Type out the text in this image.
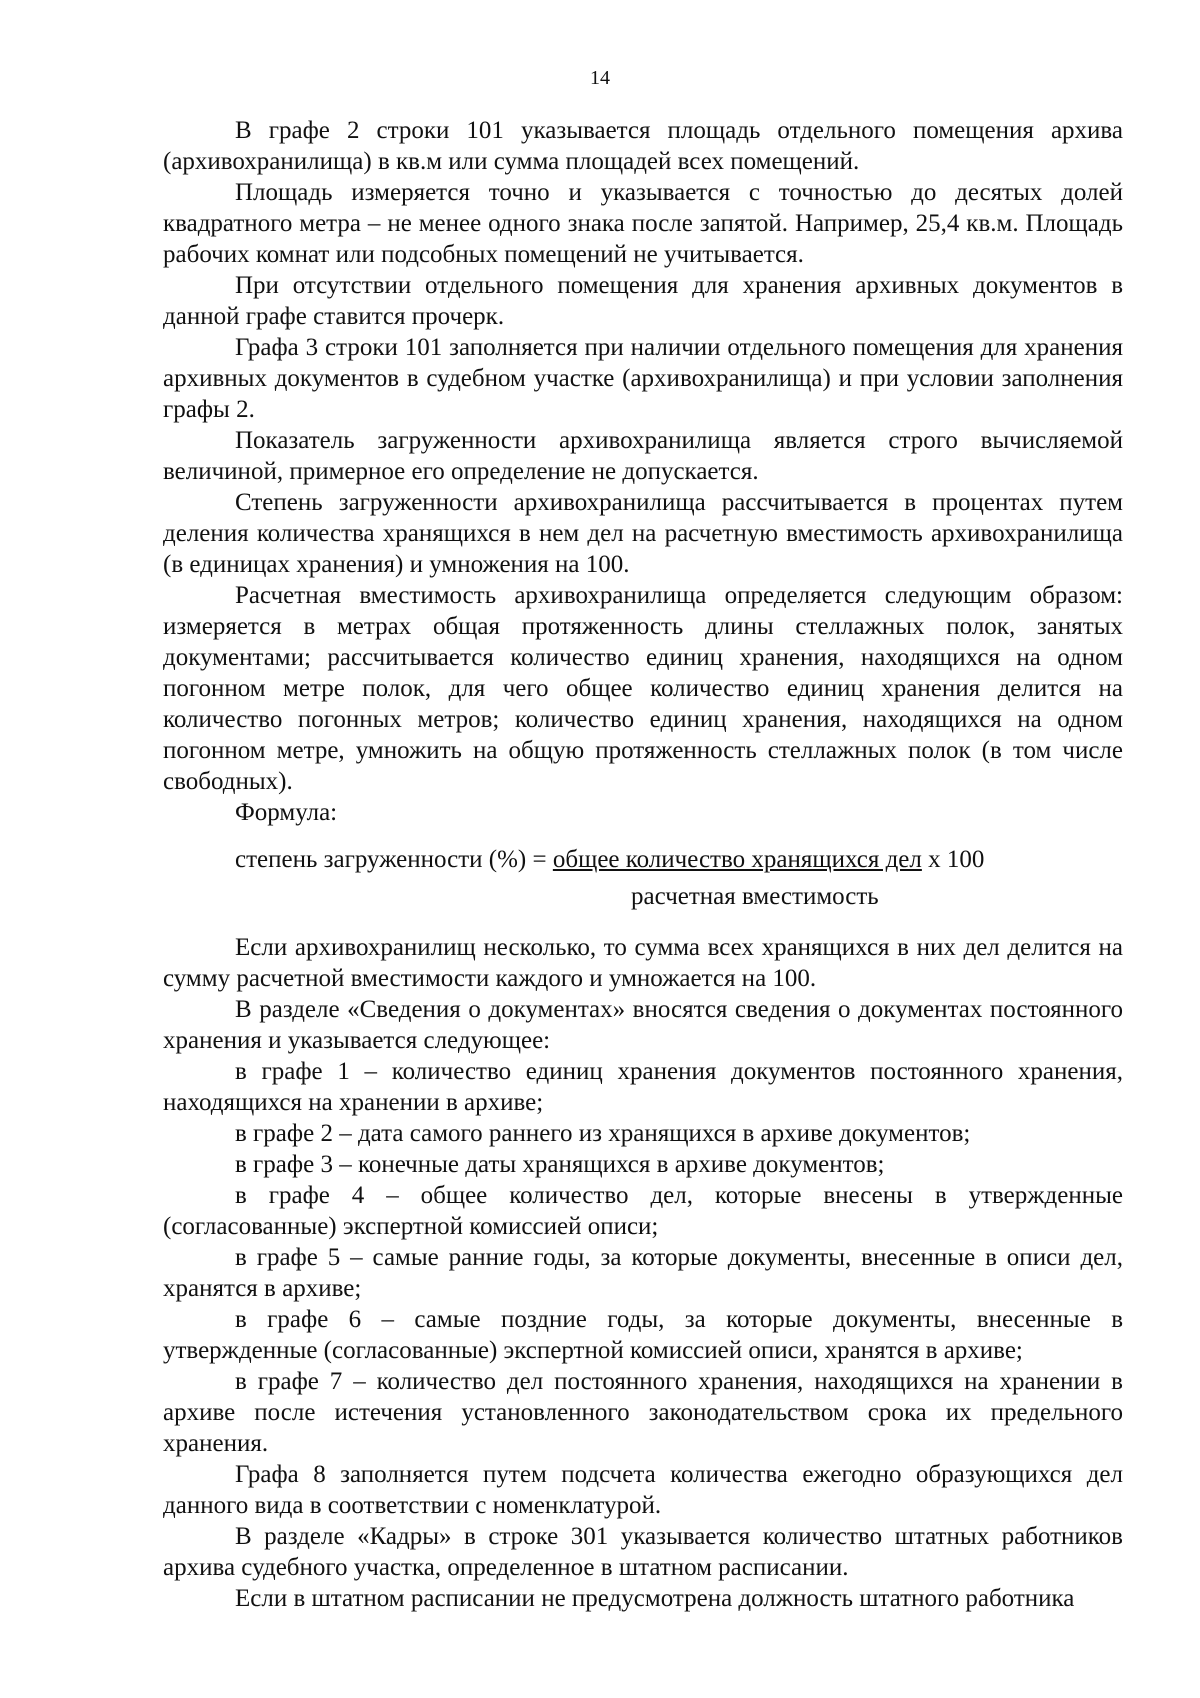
14

В графе 2 строки 101 указывается площадь отдельного помещения архива (архивохранилища) в кв.м или сумма площадей всех помещений.

Площадь измеряется точно и указывается с точностью до десятых долей квадратного метра – не менее одного знака после запятой. Например, 25,4 кв.м. Площадь рабочих комнат или подсобных помещений не учитывается.

При отсутствии отдельного помещения для хранения архивных документов в данной графе ставится прочерк.

Графа 3 строки 101 заполняется при наличии отдельного помещения для хранения архивных документов в судебном участке (архивохранилища) и при условии заполнения графы 2.

Показатель загруженности архивохранилища является строго вычисляемой величиной, примерное его определение не допускается.

Степень загруженности архивохранилища рассчитывается в процентах путем деления количества хранящихся в нем дел на расчетную вместимость архивохранилища (в единицах хранения) и умножения на 100.

Расчетная вместимость архивохранилища определяется следующим образом: измеряется в метрах общая протяженность длины стеллажных полок, занятых документами; рассчитывается количество единиц хранения, находящихся на одном погонном метре полок, для чего общее количество единиц хранения делится на количество погонных метров; количество единиц хранения, находящихся на одном погонном метре, умножить на общую протяженность стеллажных полок (в том числе свободных).

Формула:

степень загруженности (%) = общее количество хранящихся дел х 100
расчетная вместимость

Если архивохранилищ несколько, то сумма всех хранящихся в них дел делится на сумму расчетной вместимости каждого и умножается на 100.

В разделе «Сведения о документах» вносятся сведения о документах постоянного хранения и указывается следующее:

в графе 1 – количество единиц хранения документов постоянного хранения, находящихся на хранении в архиве;

в графе 2 – дата самого раннего из хранящихся в архиве документов;

в графе 3 – конечные даты хранящихся в архиве документов;

в графе 4 – общее количество дел, которые внесены в утвержденные (согласованные) экспертной комиссией описи;

в графе 5 – самые ранние годы, за которые документы, внесенные в описи дел, хранятся в архиве;

в графе 6 – самые поздние годы, за которые документы, внесенные в утвержденные (согласованные) экспертной комиссией описи, хранятся в архиве;

в графе 7 – количество дел постоянного хранения, находящихся на хранении в архиве после истечения установленного законодательством срока их предельного хранения.

Графа 8 заполняется путем подсчета количества ежегодно образующихся дел данного вида в соответствии с номенклатурой.

В разделе «Кадры» в строке 301 указывается количество штатных работников архива судебного участка, определенное в штатном расписании.

Если в штатном расписании не предусмотрена должность штатного работника
